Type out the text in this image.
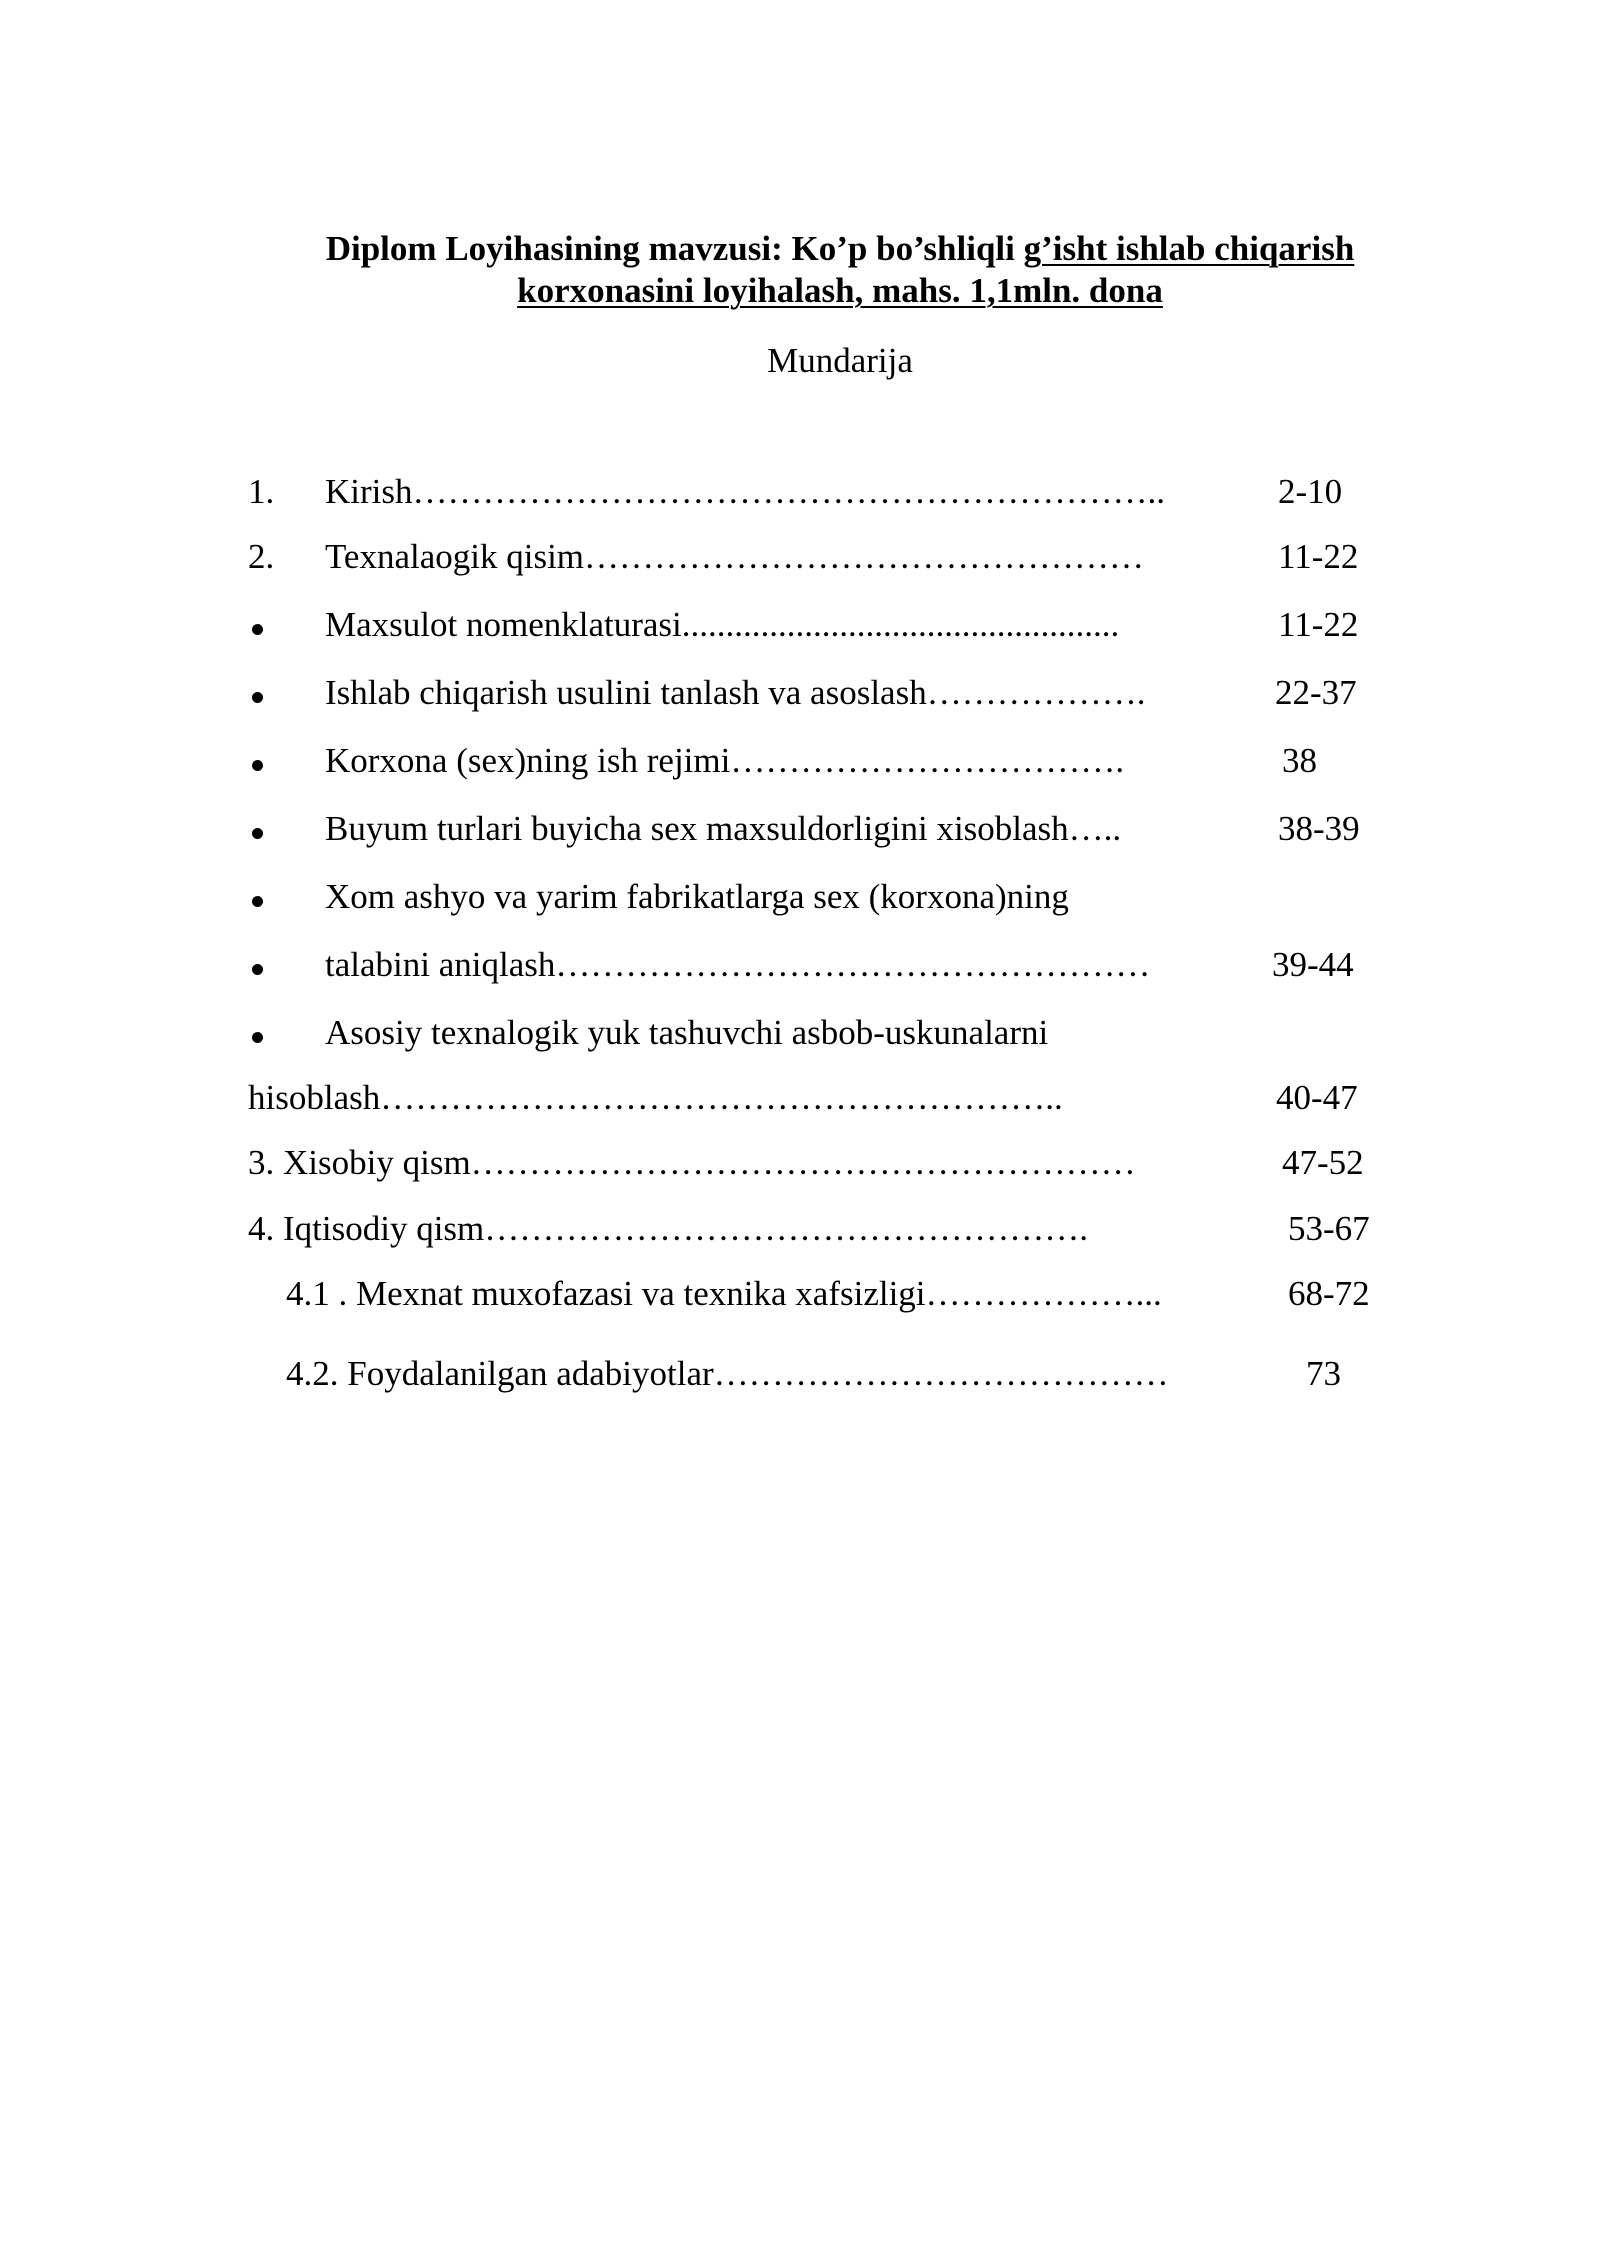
Diplom Loyihasining mavzusi: Ko’p bo’shliqli g’isht ishlab chiqarish
korxonasini loyihalash, mahs. 1,1mln. dona
Mundarija
1. Kirish………………………………………………………..	2-10
2. Texnalaogik qisim…………………………………………	11-22
Maxsulot nomenklaturasi..................................................	11-22
Ishlab chiqarish usulini tanlash va asoslash……………….	22-37
Korxona (sex)ning ish rejimi…………………………….	38
Buyum turlari buyicha sex maxsuldorligini xisoblash…..	38-39
Xom ashyo va yarim fabrikatlarga sex (korxona)ning
talabini aniqlash……………………………………………	39-44
Asosiy texnalogik yuk tashuvchi asbob-uskunalarni
hisoblash…………………………………………………..	40-47
3. Xisobiy qism…………………………………………………	47-52
4. Iqtisodiy qism…………………………………………….	53-67
4.1 . Mexnat muxofazasi va texnika xafsizligi………………...	68-72
4.2. Foydalanilgan adabiyotlar…………………………………	73
